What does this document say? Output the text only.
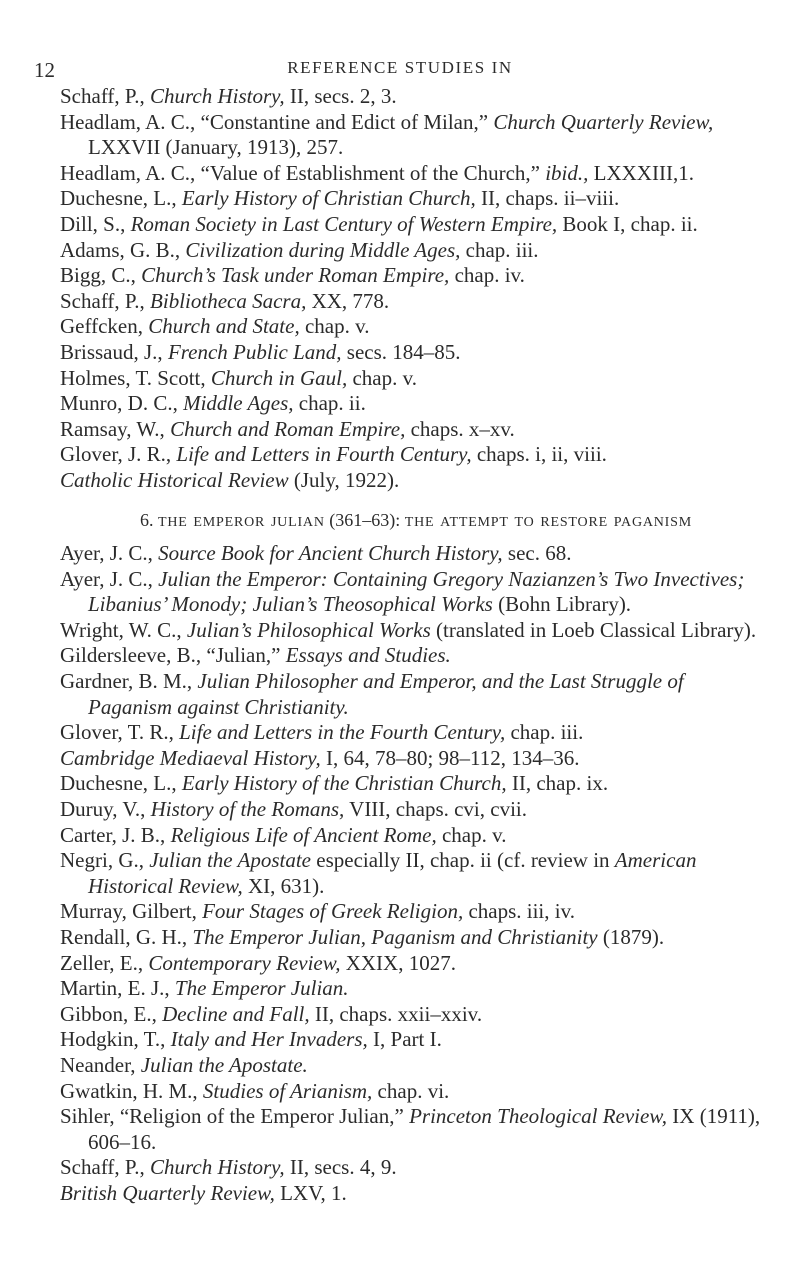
12	REFERENCE STUDIES IN

Schaff, P., Church History, II, secs. 2, 3.

Headlam, A. C., “Constantine and Edict of Milan,” Church Quarterly Review, LXXVII (January, 1913), 257.

Headlam, A. C., “Value of Establishment of the Church,” ibid., LXXXIII,1.

Duchesne, L., Early History of Christian Church, II, chaps. ii–viii.

Dill, S., Roman Society in Last Century of Western Empire, Book I, chap. ii.

Adams, G. B., Civilization during Middle Ages, chap. iii.

Bigg, C., Church’s Task under Roman Empire, chap. iv.

Schaff, P., Bibliotheca Sacra, XX, 778.

Geffcken, Church and State, chap. v.

Brissaud, J., French Public Land, secs. 184–85.

Holmes, T. Scott, Church in Gaul, chap. v.

Munro, D. C., Middle Ages, chap. ii.

Ramsay, W., Church and Roman Empire, chaps. x–xv.

Glover, J. R., Life and Letters in Fourth Century, chaps. i, ii, viii.

Catholic Historical Review (July, 1922).

6. the emperor julian (361–63): the attempt to restore paganism

Ayer, J. C., Source Book for Ancient Church History, sec. 68.

Ayer, J. C., Julian the Emperor: Containing Gregory Nazianzen’s Two Invectives; Libanius’ Monody; Julian’s Theosophical Works (Bohn Library).

Wright, W. C., Julian’s Philosophical Works (translated in Loeb Classical Library).

Gildersleeve, B., “Julian,” Essays and Studies.

Gardner, B. M., Julian Philosopher and Emperor, and the Last Struggle of Paganism against Christianity.

Glover, T. R., Life and Letters in the Fourth Century, chap. iii.

Cambridge Mediaeval History, I, 64, 78–80; 98–112, 134–36.

Duchesne, L., Early History of the Christian Church, II, chap. ix.

Duruy, V., History of the Romans, VIII, chaps. cvi, cvii.

Carter, J. B., Religious Life of Ancient Rome, chap. v.

Negri, G., Julian the Apostate especially II, chap. ii (cf. review in American Historical Review, XI, 631).

Murray, Gilbert, Four Stages of Greek Religion, chaps. iii, iv.

Rendall, G. H., The Emperor Julian, Paganism and Christianity (1879).

Zeller, E., Contemporary Review, XXIX, 1027.

Martin, E. J., The Emperor Julian.

Gibbon, E., Decline and Fall, II, chaps. xxii–xxiv.

Hodgkin, T., Italy and Her Invaders, I, Part I.

Neander, Julian the Apostate.

Gwatkin, H. M., Studies of Arianism, chap. vi.

Sihler, “Religion of the Emperor Julian,” Princeton Theological Review, IX (1911), 606–16.

Schaff, P., Church History, II, secs. 4, 9.

British Quarterly Review, LXV, 1.
